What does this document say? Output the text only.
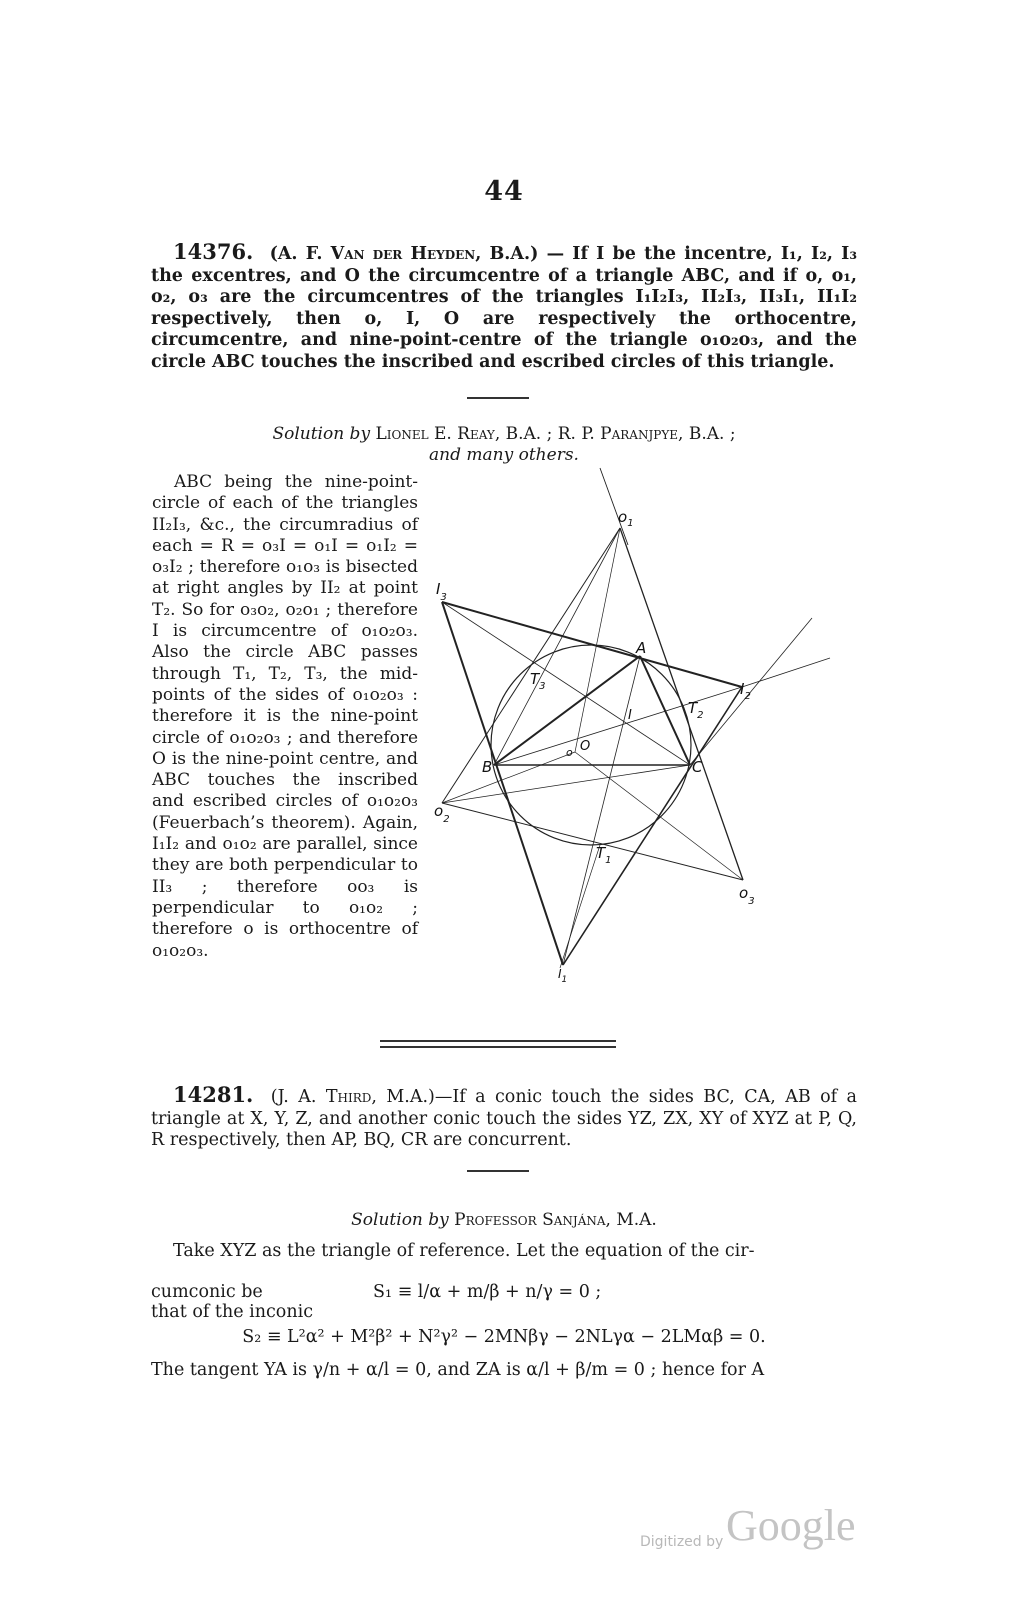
44
14376. (A. F. Van der Heyden, B.A.) — If I be the incentre, I₁, I₂, I₃ the excentres, and O the circumcentre of a triangle ABC, and if o, o₁, o₂, o₃ are the circumcentres of the triangles I₁I₂I₃, II₂I₃, II₃I₁, II₁I₂ respectively, then o, I, O are respectively the orthocentre, circumcentre, and nine-point-centre of the triangle o₁o₂o₃, and the circle ABC touches the inscribed and escribed circles of this triangle.
Solution by Lionel E. Reay, B.A. ; R. P. Paranjpye, B.A. ;
and many others.

ABC being the nine-point-circle of each of the triangles II₂I₃, &c., the circumradius of each = R = o₃I = o₁I = o₁I₂ = o₃I₂ ; therefore o₁o₃ is bisected at right angles by II₂ at point T₂. So for o₃o₂, o₂o₁ ; therefore I is circumcentre of o₁o₂o₃. Also the circle ABC passes through T₁, T₂, T₃, the mid-points of the sides of o₁o₂o₃ : therefore it is the nine-point circle of o₁o₂o₃ ; and therefore O is the nine-point centre, and ABC touches the inscribed and escribed circles of o₁o₂o₃ (Feuerbach’s theorem). Again, I₁I₂ and o₁o₂ are parallel, since they are both perpendicular to II₃ ; therefore oo₃ is perpendicular to o₁o₂ ; therefore o is orthocentre of o₁o₂o₃.

$o_1$
$I_3$
A
$T_3$	$I_2$
I	$T_2$
o O
B	C
$o_2$
$T_1$
$o_3$
$I_1$
14281. (J. A. Third, M.A.)—If a conic touch the sides BC, CA, AB of a triangle at X, Y, Z, and another conic touch the sides YZ, ZX, XY of XYZ at P, Q, R respectively, then AP, BQ, CR are concurrent.
Solution by Professor Sanjána, M.A.
Take XYZ as the triangle of reference. Let the equation of the cir-
cumconic be	S₁ ≡ l/α + m/β + n/γ = 0 ;
that of the inconic
S₂ ≡ L²α² + M²β² + N²γ² − 2MNβγ − 2NLγα − 2LMαβ = 0.
The tangent YA is γ/n + α/l = 0, and ZA is α/l + β/m = 0 ; hence for A
Digitized by Google
